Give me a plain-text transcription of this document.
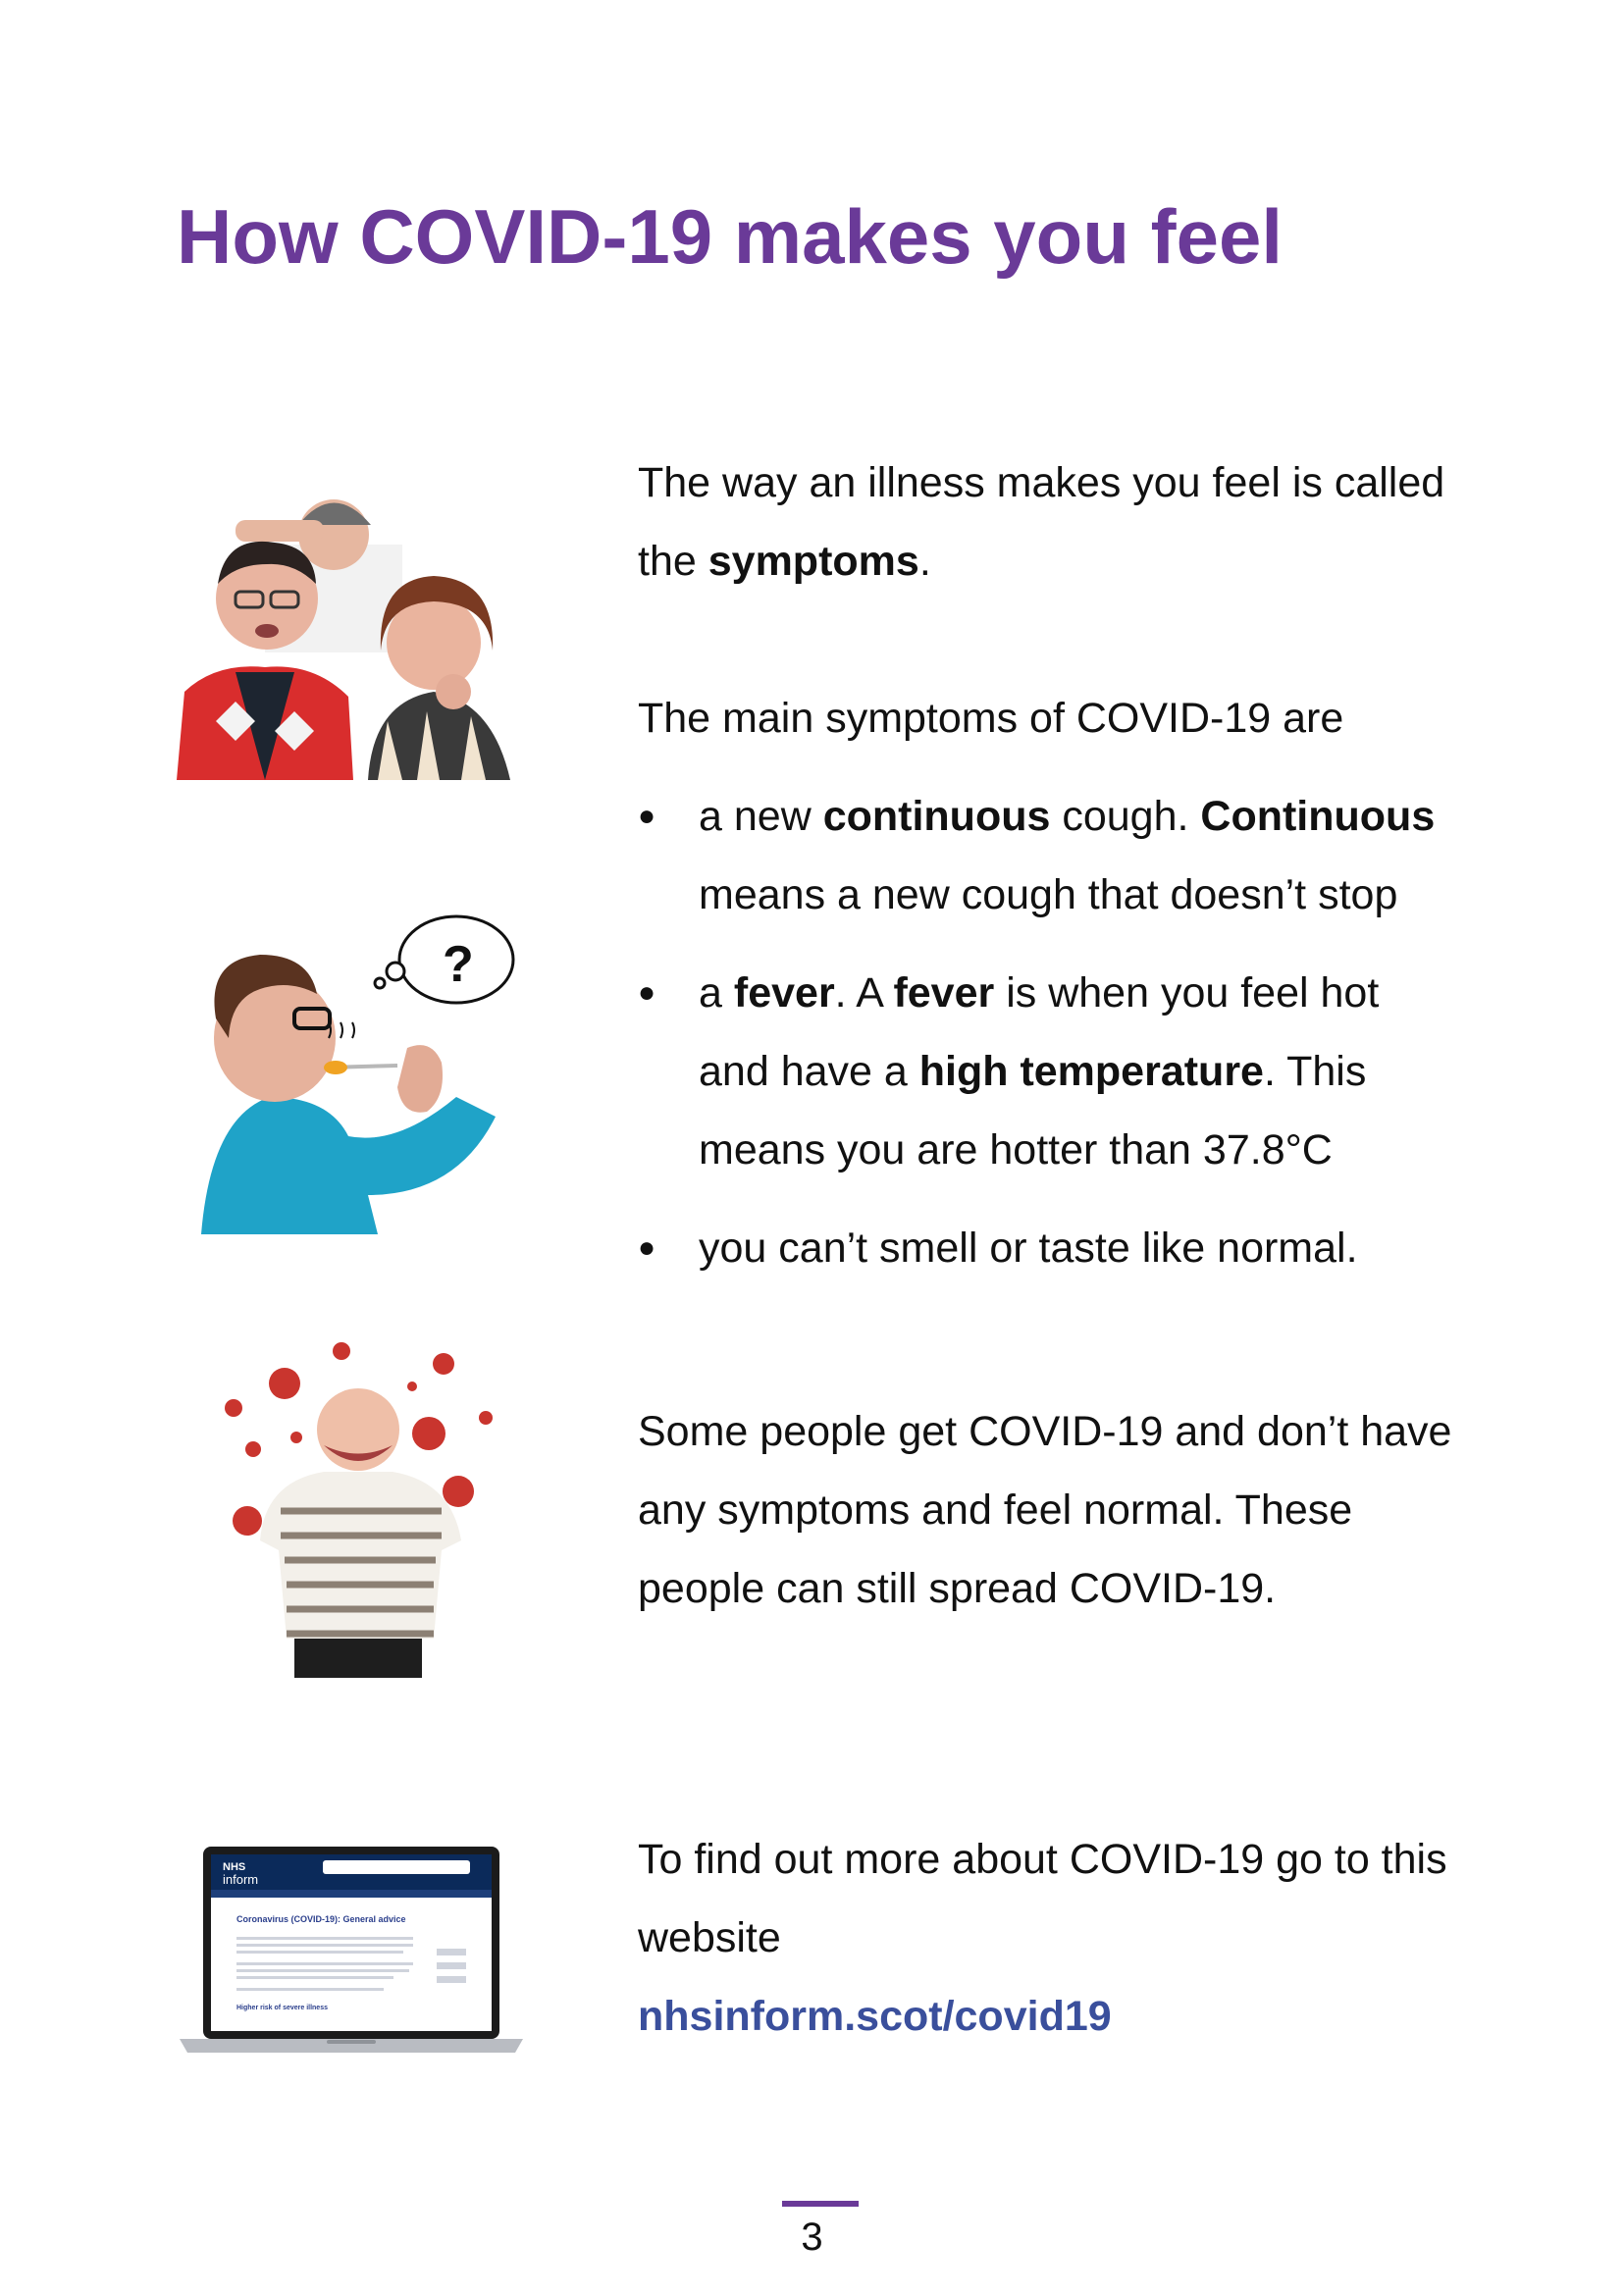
How COVID-19 makes you feel
?
NHS
inform
Coronavirus (COVID-19): General advice
Higher risk of severe illness

The way an illness makes you feel is called
the symptoms.

The main symptoms of COVID-19 are

● a new continuous cough. Continuous
means a new cough that doesn’t stop
● a fever. A fever is when you feel hot
and have a high temperature. This
means you are hotter than 37.8°C
● you can’t smell or taste like normal.

Some people get COVID-19 and don’t have
any symptoms and feel normal. These
people can still spread COVID-19.

To find out more about COVID-19 go to this
website
nhsinform.scot/covid19

3
